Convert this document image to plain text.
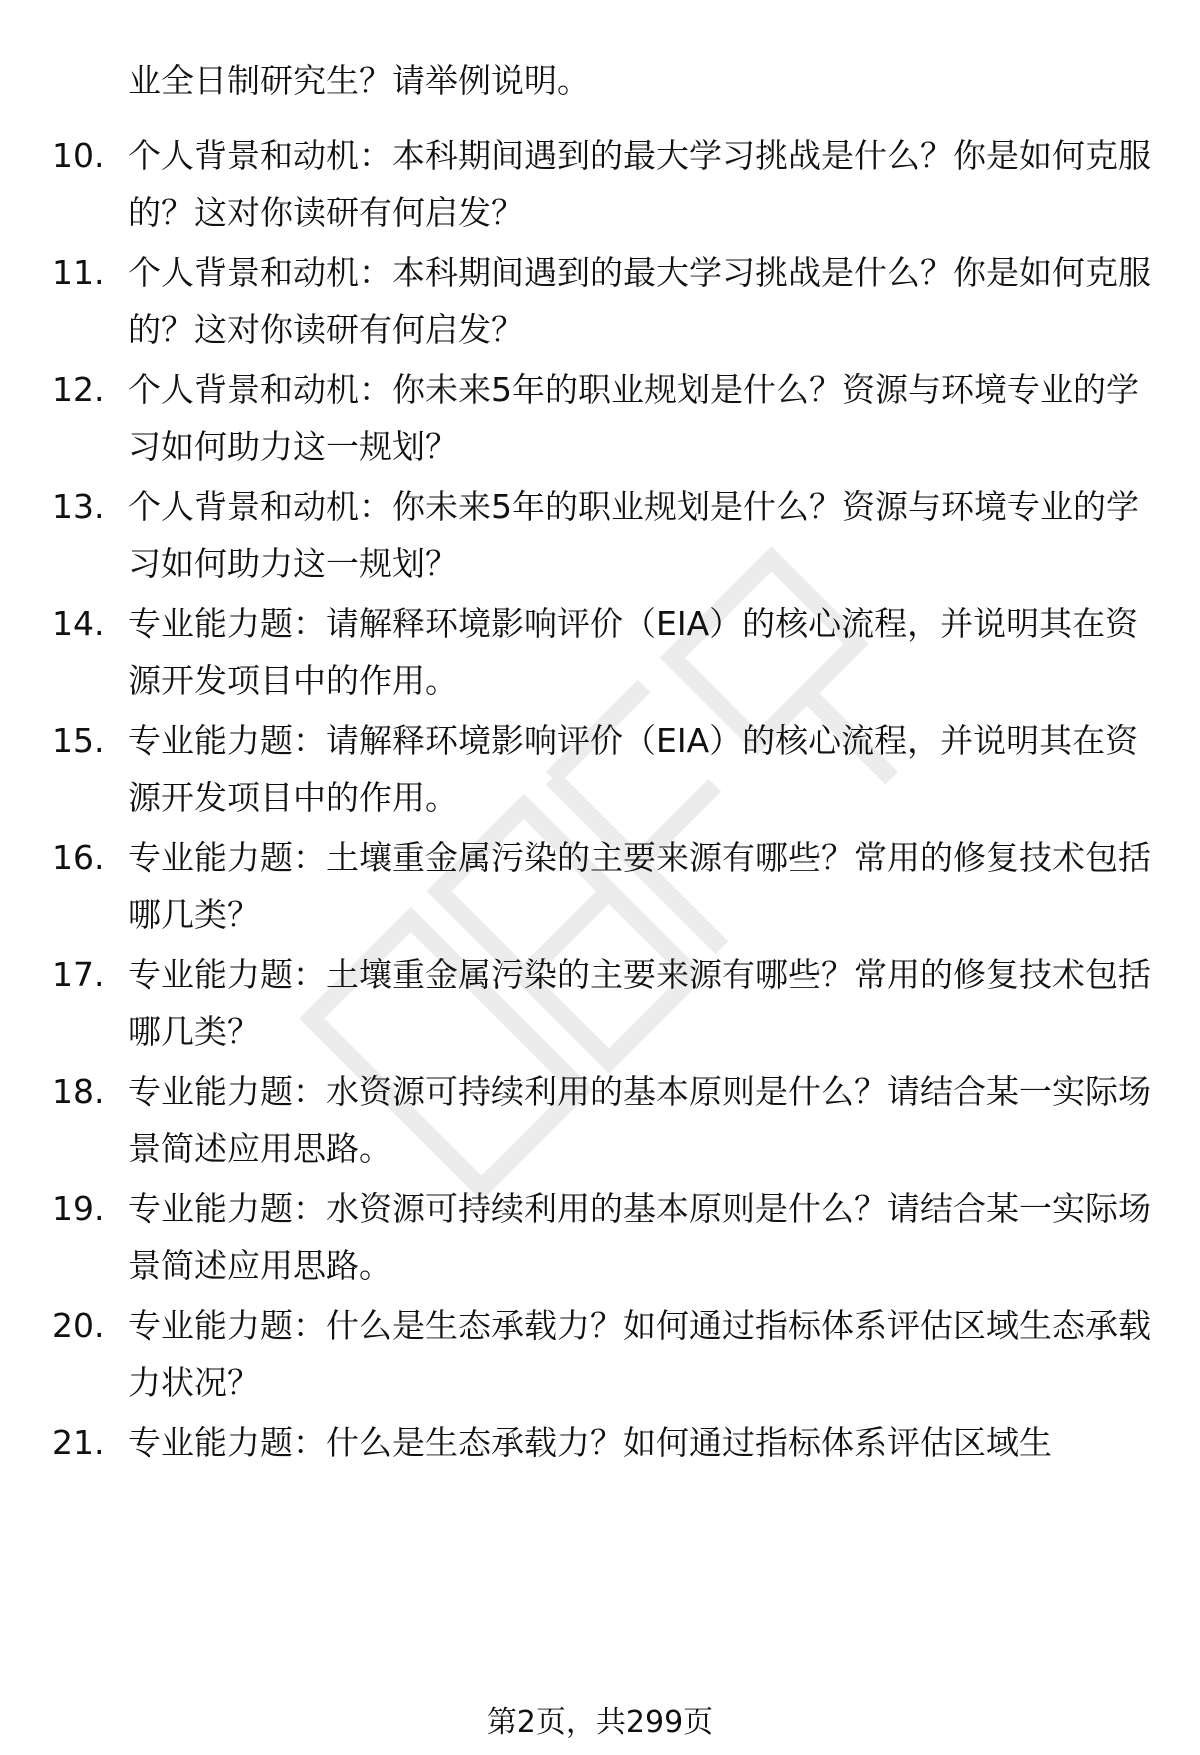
业全日制研究生？请举例说明。
10. 个人背景和动机：本科期间遇到的最大学习挑战是什么？你是如何克服的？这对你读研有何启发？
11. 个人背景和动机：本科期间遇到的最大学习挑战是什么？你是如何克服的？这对你读研有何启发？
12. 个人背景和动机：你未来5年的职业规划是什么？资源与环境专业的学习如何助力这一规划？
13. 个人背景和动机：你未来5年的职业规划是什么？资源与环境专业的学习如何助力这一规划？
14. 专业能力题：请解释环境影响评价（EIA）的核心流程，并说明其在资源开发项目中的作用。
15. 专业能力题：请解释环境影响评价（EIA）的核心流程，并说明其在资源开发项目中的作用。
16. 专业能力题：土壤重金属污染的主要来源有哪些？常用的修复技术包括哪几类？
17. 专业能力题：土壤重金属污染的主要来源有哪些？常用的修复技术包括哪几类？
18. 专业能力题：水资源可持续利用的基本原则是什么？请结合某一实际场景简述应用思路。
19. 专业能力题：水资源可持续利用的基本原则是什么？请结合某一实际场景简述应用思路。
20. 专业能力题：什么是生态承载力？如何通过指标体系评估区域生态承载力状况？
21. 专业能力题：什么是生态承载力？如何通过指标体系评估区域生
第2页，共299页
